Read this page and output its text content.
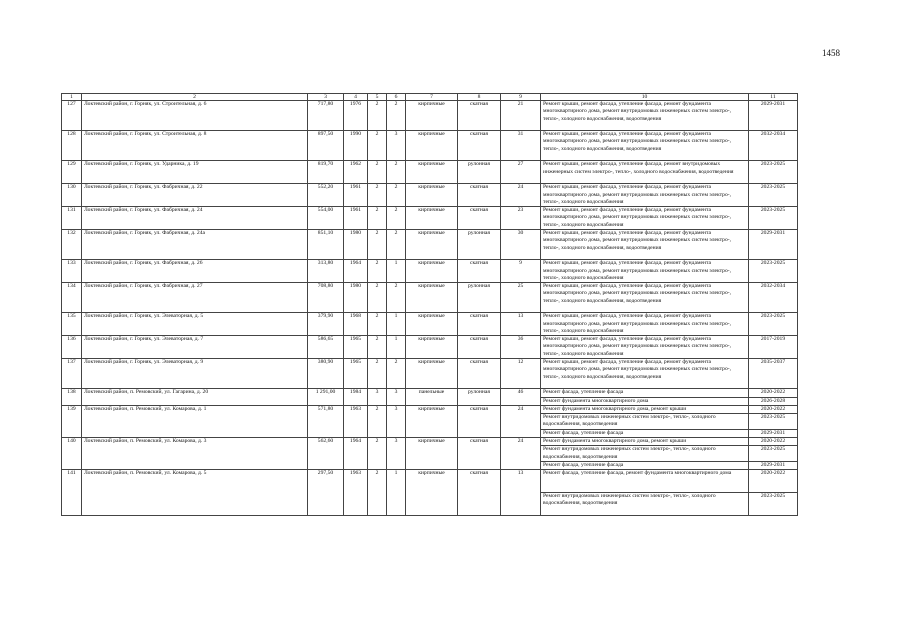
1458
1	2	3	4	5	6	7	8	9	10	11
127	Локтевский район, г. Горняк, ул. Строительная, д. 6	717,80	1976	2	2	кирпичные	скатная	21	Ремонт крыши, ремонт фасада, утепление фасада, ремонт фундамента многоквартирного дома, ремонт внутридомовых инженерных систем электро-, тепло-, холодного водоснабжения, водоотведения	2029-2031
128	Локтевский район, г. Горняк, ул. Строительная, д. 8	897,50	1990	2	3	кирпичные	скатная	31	Ремонт крыши, ремонт фасада, утепление фасада, ремонт фундамента многоквартирного дома, ремонт внутридомовых инженерных систем электро-, тепло-, холодного водоснабжения, водоотведения	2032-2034
129	Локтевский район, г. Горняк, ул. Ударника, д. 19	819,70	1962	2	2	кирпичные	рулонная	27	Ремонт крыши, ремонт фасада, утепление фасада, ремонт внутридомовых инженерных систем электро-, тепло-, холодного водоснабжения, водоотведения	2023-2025
130	Локтевский район, г. Горняк, ул. Фабричная, д. 22	552,20	1961	2	2	кирпичные	скатная	24	Ремонт крыши, ремонт фасада, утепление фасада, ремонт фундамента многоквартирного дома, ремонт внутридомовых инженерных систем электро-, тепло-, холодного водоснабжения	2023-2025
131	Локтевский район, г. Горняк, ул. Фабричная, д. 24	554,00	1961	2	2	кирпичные	скатная	23	Ремонт крыши, ремонт фасада, утепление фасада, ремонт фундамента многоквартирного дома, ремонт внутридомовых инженерных систем электро-, тепло-, холодного водоснабжения	2023-2025
132	Локтевский район, г. Горняк, ул. Фабричная, д. 24а	851,10	1980	2	2	кирпичные	рулонная	30	Ремонт крыши, ремонт фасада, утепление фасада, ремонт фундамента многоквартирного дома, ремонт внутридомовых инженерных систем электро-, тепло-, холодного водоснабжения, водоотведения	2029-2031
133	Локтевский район, г. Горняк, ул. Фабричная, д. 26	313,80	1964	2	1	кирпичные	скатная	9	Ремонт крыши, ремонт фасада, утепление фасада, ремонт фундамента многоквартирного дома, ремонт внутридомовых инженерных систем электро-, тепло-, холодного водоснабжения	2023-2025
134	Локтевский район, г. Горняк, ул. Фабричная, д. 27	708,80	1980	2	2	кирпичные	рулонная	25	Ремонт крыши, ремонт фасада, утепление фасада, ремонт фундамента многоквартирного дома, ремонт внутридомовых инженерных систем электро-, тепло-, холодного водоснабжения, водоотведения	2032-2034
135	Локтевский район, г. Горняк, ул. Элеваторная, д. 5	379,90	1968	2	1	кирпичные	скатная	13	Ремонт крыши, ремонт фасада, утепление фасада, ремонт фундамента многоквартирного дома, ремонт внутридомовых инженерных систем электро-, тепло-, холодного водоснабжения	2023-2025
136	Локтевский район, г. Горняк, ул. Элеваторная, д. 7	586,65	1965	2	1	кирпичные	скатная	36	Ремонт крыши, ремонт фасада, утепление фасада, ремонт фундамента многоквартирного дома, ремонт внутридомовых инженерных систем электро-, тепло-, холодного водоснабжения	2017-2019
137	Локтевский район, г. Горняк, ул. Элеваторная, д. 9	380,90	1965	2	2	кирпичные	скатная	12	Ремонт крыши, ремонт фасада, утепление фасада, ремонт фундамента многоквартирного дома, ремонт внутридомовых инженерных систем электро-, тепло-, холодного водоснабжения, водоотведения	2035-2037
138	Локтевский район, п. Ремовский, ул. Гагарина, д. 20	1 291,00	1984	3	3	панельные	рулонная	46	Ремонт фасада, утепление фасада	2020-2022
									Ремонт фундамента многоквартирного дома	2026-2028
139	Локтевский район, п. Ремовский, ул. Комарова, д. 1	571,80	1963	2	3	кирпичные	скатная	24	Ремонт фундамента многоквартирного дома, ремонт крыши	2020-2022
									Ремонт внутридомовых инженерных систем электро-, тепло-, холодного водоснабжения, водоотведения	2023-2025
									Ремонт фасада, утепление фасада	2029-2031
140	Локтевский район, п. Ремовский, ул. Комарова, д. 3	562,60	1964	2	3	кирпичные	скатная	24	Ремонт фундамента многоквартирного дома, ремонт крыши	2020-2022
									Ремонт внутридомовых инженерных систем электро-, тепло-, холодного водоснабжения, водоотведения	2023-2025
									Ремонт фасада, утепление фасада	2029-2031
141	Локтевский район, п. Ремовский, ул. Комарова, д. 5	297,50	1963	2	1	кирпичные	скатная	13	Ремонт фасада, утепление фасада, ремонт фундамента многоквартирного дома	2020-2022
									Ремонт внутридомовых инженерных систем электро-, тепло-, холодного водоснабжения, водоотведения	2023-2025
